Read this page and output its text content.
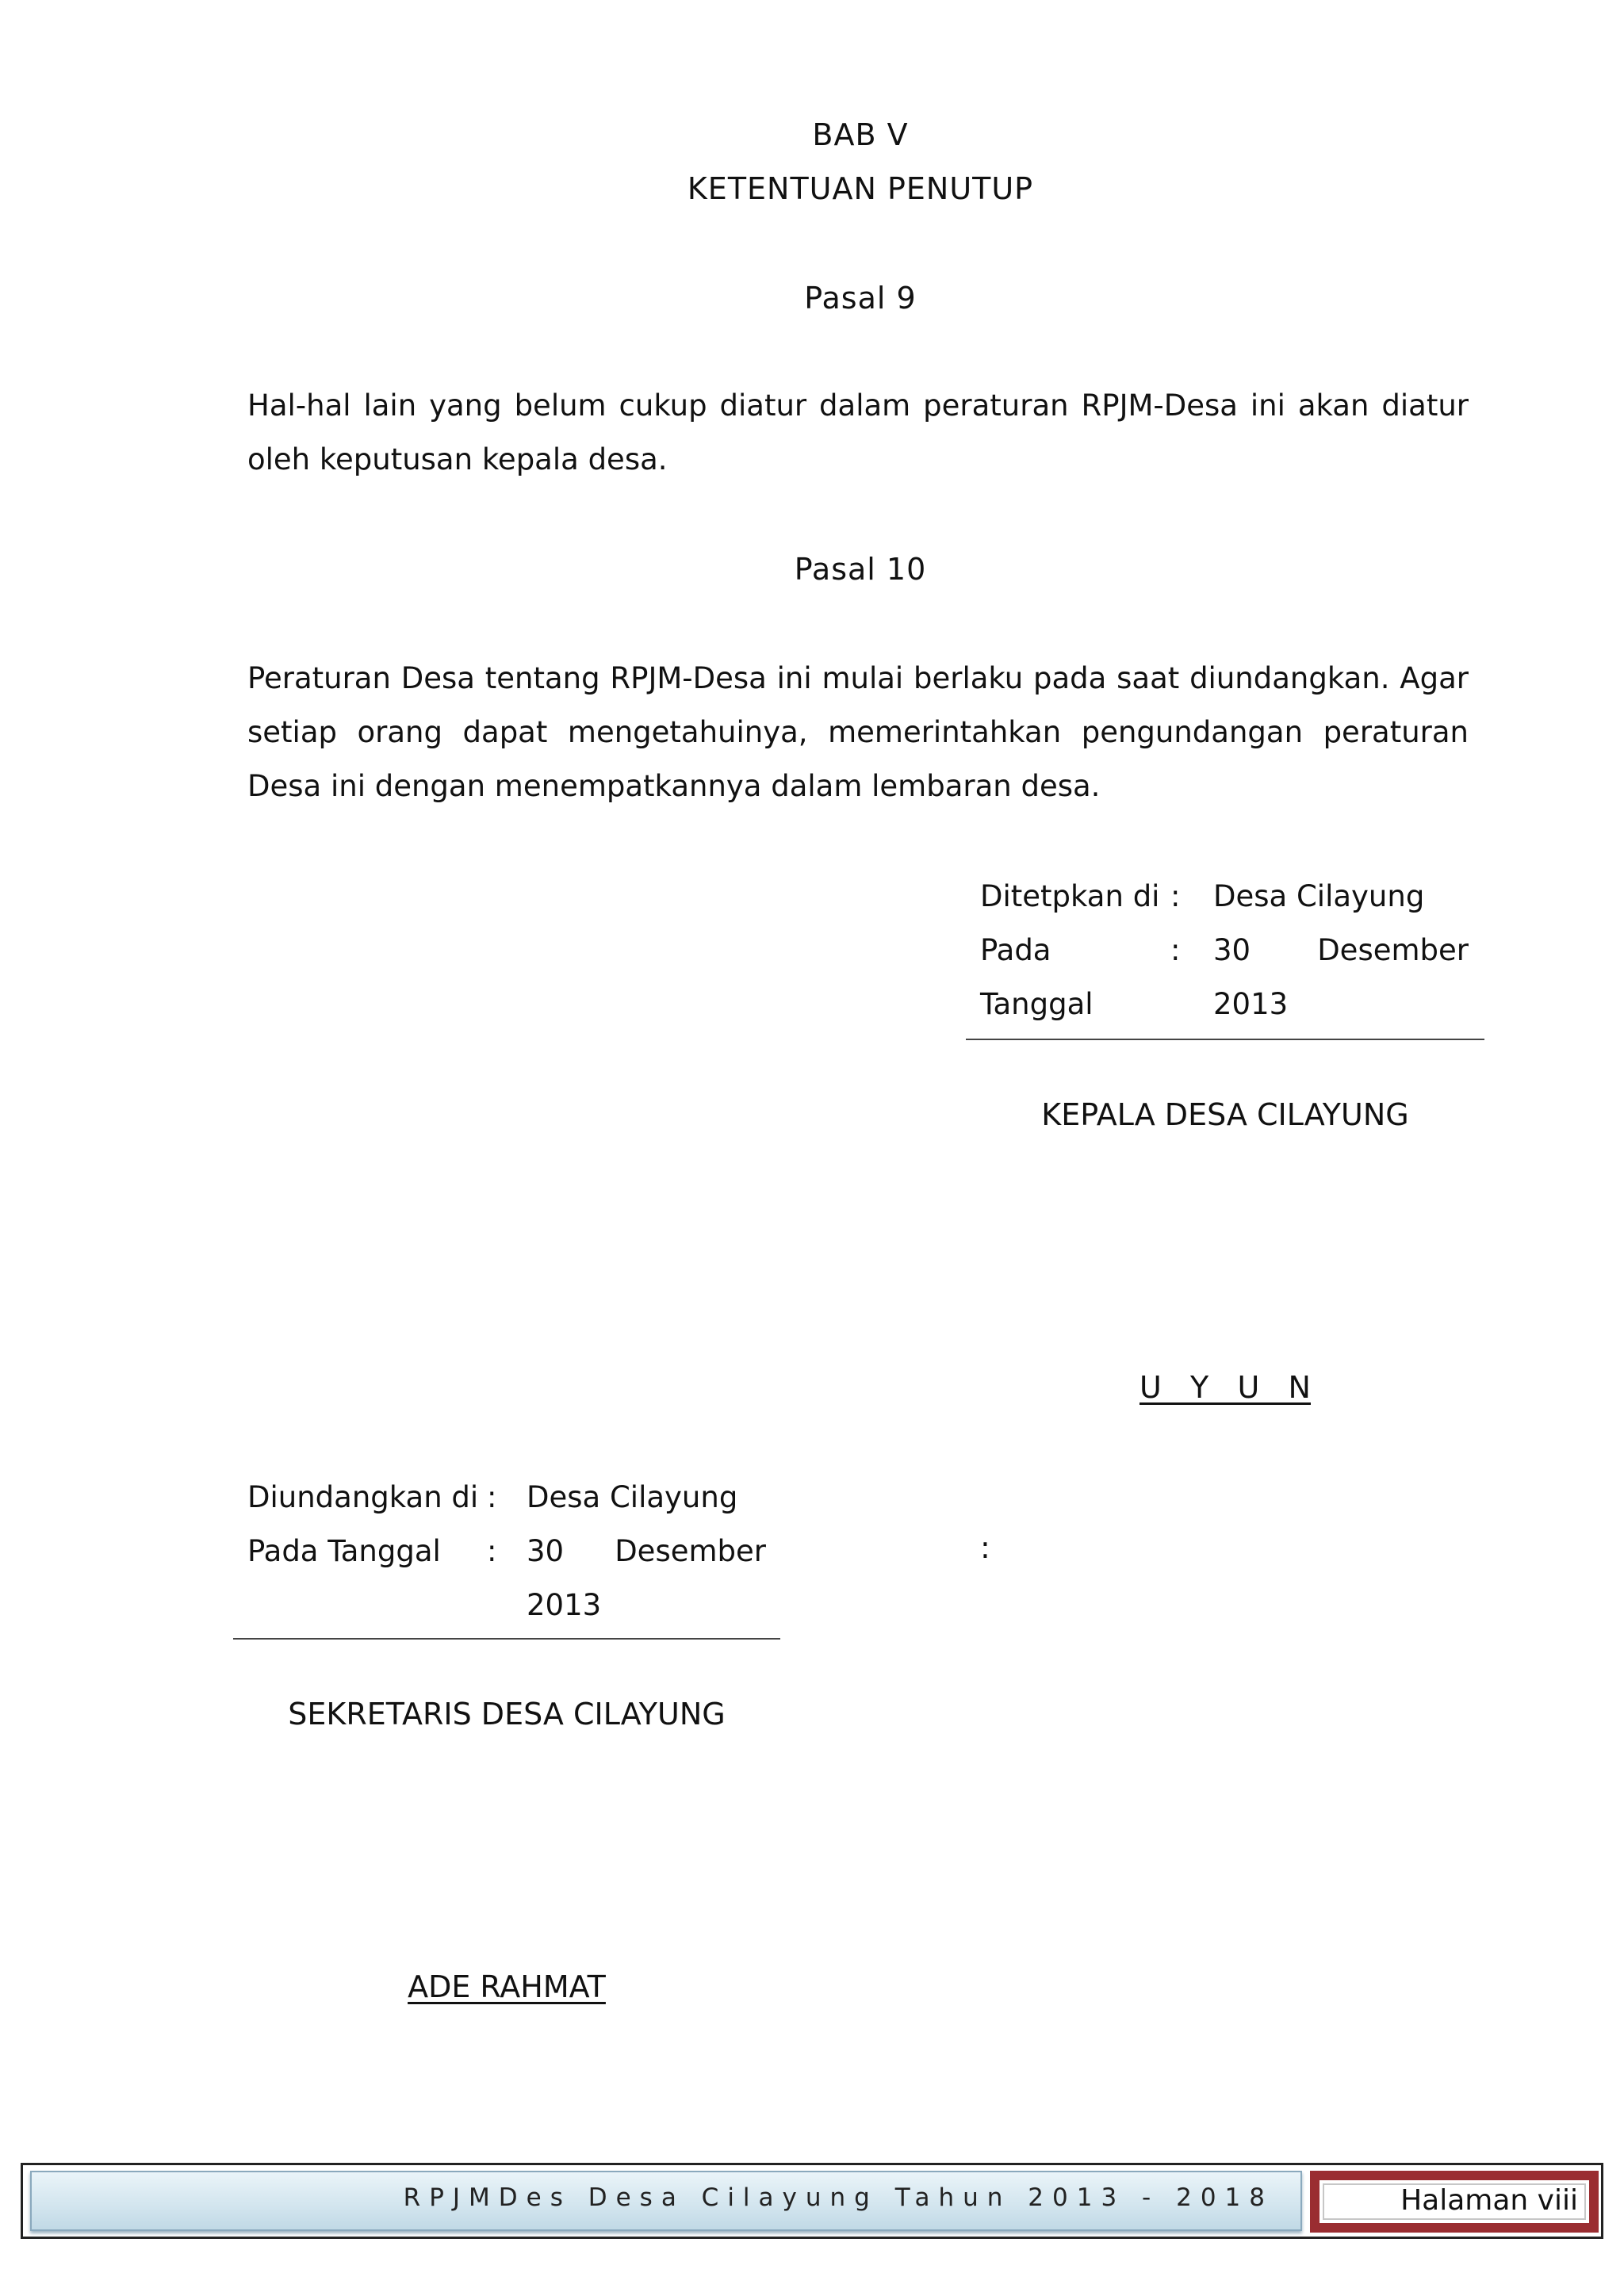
BAB V
KETENTUAN PENUTUP
Pasal 9
Hal-hal lain yang belum cukup diatur dalam peraturan RPJM-Desa ini akan diatur oleh keputusan kepala desa.
Pasal 10
Peraturan Desa tentang RPJM-Desa ini mulai berlaku pada saat diundangkan. Agar setiap orang dapat mengetahuinya, memerintahkan pengundangan peraturan Desa ini dengan menempatkannya dalam lembaran desa.
Ditetpkan di	:	Desa Cilayung
Pada	:	30 Desember

Tanggal		2013
KEPALA DESA CILAYUNG
U   Y   U   N
Diundangkan di	:	Desa Cilayung
Pada Tanggal	:	30 Desember

		2013
:
SEKRETARIS DESA CILAYUNG
ADE RAHMAT
RPJMDes Desa Cilayung Tahun 2013 - 2018	Halaman viii
